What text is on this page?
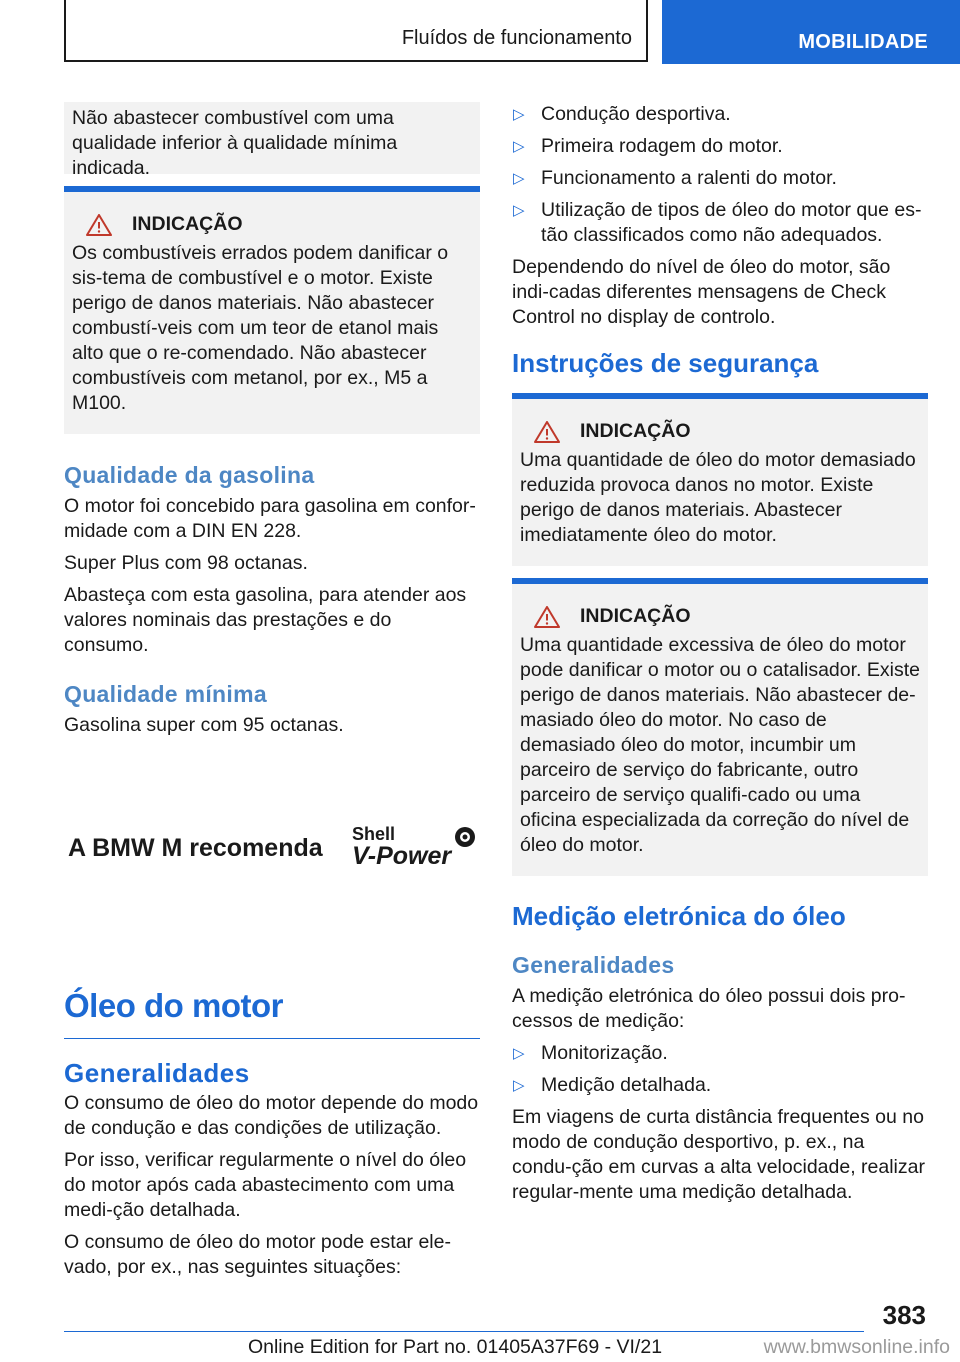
Fluídos de funcionamento	MOBILIDADE
Não abastecer combustível com uma qualidade inferior à qualidade mínima indicada.
INDICAÇÃO
Os combustíveis errados podem danificar o sis‐tema de combustível e o motor. Existe perigo de danos materiais. Não abastecer combustí‐veis com um teor de etanol mais alto que o re‐comendado. Não abastecer combustíveis com metanol, por ex., M5 a M100.
Qualidade da gasolina

O motor foi concebido para gasolina em confor‐midade com a DIN EN 228.

Super Plus com 98 octanas.

Abasteça com esta gasolina, para atender aos valores nominais das prestações e do consumo.

Qualidade mínima

Gasolina super com 95 octanas.

A BMW M recomenda Shell
V-Power
Óleo do motor
Generalidades

O consumo de óleo do motor depende do modo de condução e das condições de utilização.

Por isso, verificar regularmente o nível do óleo do motor após cada abastecimento com uma medi‐ção detalhada.

O consumo de óleo do motor pode estar ele‐vado, por ex., nas seguintes situações:

▷ Condução desportiva.
▷ Primeira rodagem do motor.
▷ Funcionamento a ralenti do motor.
▷ Utilização de tipos de óleo do motor que es‐tão classificados como não adequados.

Dependendo do nível de óleo do motor, são indi‐cadas diferentes mensagens de Check Control no display de controlo.

Instruções de segurança
INDICAÇÃO
Uma quantidade de óleo do motor demasiado reduzida provoca danos no motor. Existe perigo de danos materiais. Abastecer imediatamente óleo do motor.
INDICAÇÃO
Uma quantidade excessiva de óleo do motor pode danificar o motor ou o catalisador. Existe perigo de danos materiais. Não abastecer de‐masiado óleo do motor. No caso de demasiado óleo do motor, incumbir um parceiro de serviço do fabricante, outro parceiro de serviço qualifi‐cado ou uma oficina especializada da correção do nível de óleo do motor.
Medição eletrónica do óleo
Generalidades

A medição eletrónica do óleo possui dois pro‐cessos de medição:

▷ Monitorização.
▷ Medição detalhada.

Em viagens de curta distância frequentes ou no modo de condução desportivo, p. ex., na condu‐ção em curvas a alta velocidade, realizar regular‐mente uma medição detalhada.

383
Online Edition for Part no. 01405A37F69 - VI/21	www.bmwsonline.info
